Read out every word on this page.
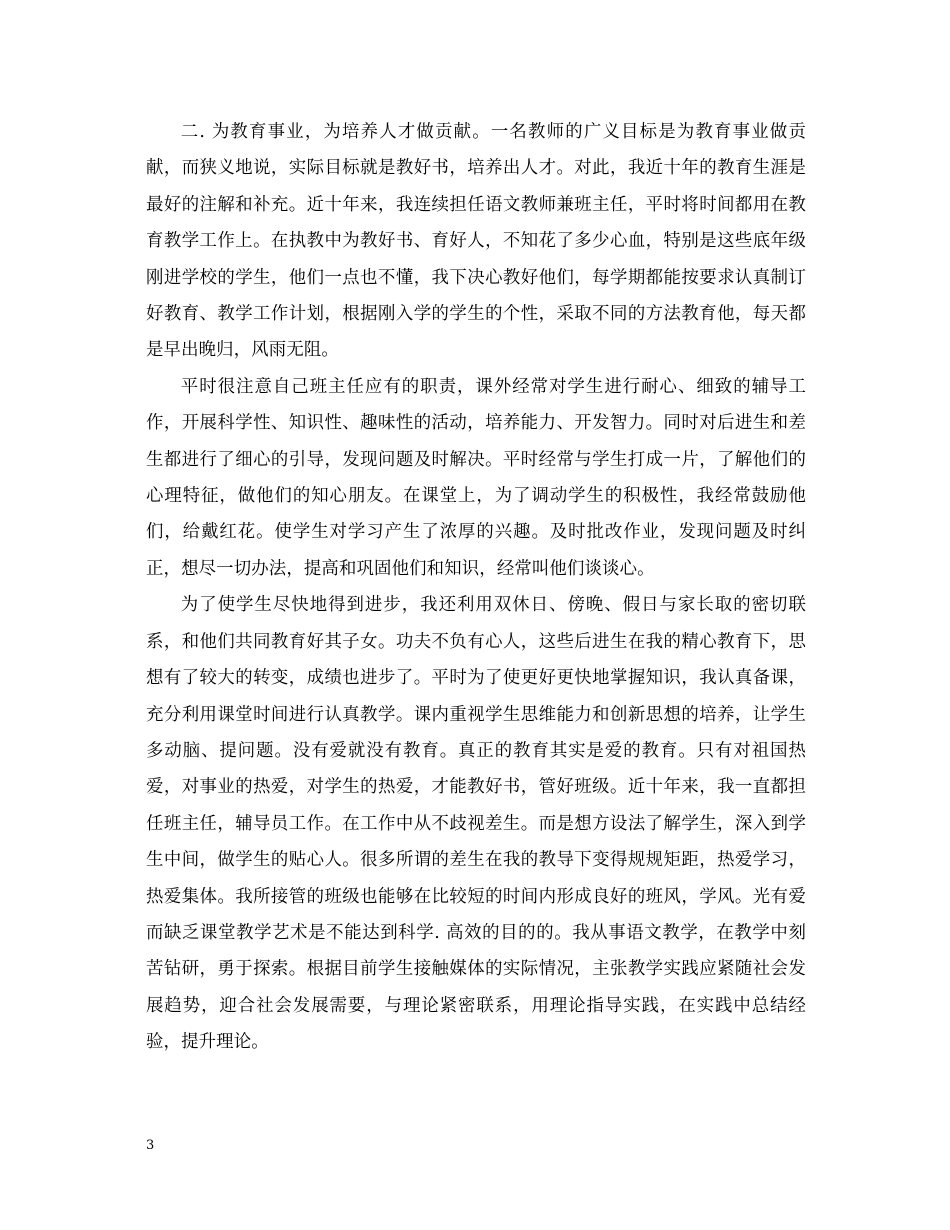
二. 为教育事业，为培养人才做贡献。一名教师的广义目标是为教育事业做贡献，而狭义地说，实际目标就是教好书，培养出人才。对此，我近十年的教育生涯是最好的注解和补充。近十年来，我连续担任语文教师兼班主任，平时将时间都用在教育教学工作上。在执教中为教好书、育好人，不知花了多少心血，特别是这些底年级刚进学校的学生，他们一点也不懂，我下决心教好他们，每学期都能按要求认真制订好教育、教学工作计划，根据刚入学的学生的个性，采取不同的方法教育他，每天都是早出晚归，风雨无阻。

平时很注意自己班主任应有的职责，课外经常对学生进行耐心、细致的辅导工作，开展科学性、知识性、趣味性的活动，培养能力、开发智力。同时对后进生和差生都进行了细心的引导，发现问题及时解决。平时经常与学生打成一片，了解他们的心理特征，做他们的知心朋友。在课堂上，为了调动学生的积极性，我经常鼓励他们，给戴红花。使学生对学习产生了浓厚的兴趣。及时批改作业，发现问题及时纠正，想尽一切办法，提高和巩固他们和知识，经常叫他们谈谈心。

为了使学生尽快地得到进步，我还利用双休日、傍晚、假日与家长取的密切联系，和他们共同教育好其子女。功夫不负有心人，这些后进生在我的精心教育下，思想有了较大的转变，成绩也进步了。平时为了使更好更快地掌握知识，我认真备课，充分利用课堂时间进行认真教学。课内重视学生思维能力和创新思想的培养，让学生多动脑、提问题。没有爱就没有教育。真正的教育其实是爱的教育。只有对祖国热爱，对事业的热爱，对学生的热爱，才能教好书，管好班级。近十年来，我一直都担任班主任，辅导员工作。在工作中从不歧视差生。而是想方设法了解学生，深入到学生中间，做学生的贴心人。很多所谓的差生在我的教导下变得规规矩距，热爱学习，热爱集体。我所接管的班级也能够在比较短的时间内形成良好的班风，学风。光有爱而缺乏课堂教学艺术是不能达到科学. 高效的目的的。我从事语文教学，在教学中刻苦钻研，勇于探索。根据目前学生接触媒体的实际情况，主张教学实践应紧随社会发展趋势，迎合社会发展需要，与理论紧密联系，用理论指导实践，在实践中总结经验，提升理论。

3
